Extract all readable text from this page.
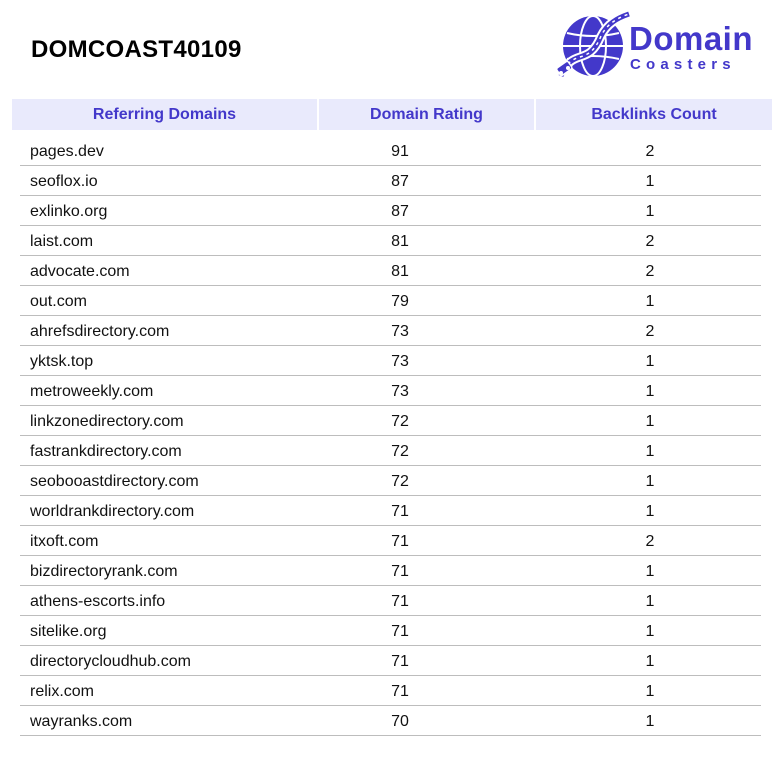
DOMCOAST40109	Domain
Coasters
Referring Domains	Domain Rating	Backlinks Count
pages.dev	91	2
seoflox.io	87	1
exlinko.org	87	1
laist.com	81	2
advocate.com	81	2
out.com	79	1
ahrefsdirectory.com	73	2
yktsk.top	73	1
metroweekly.com	73	1
linkzonedirectory.com	72	1
fastrankdirectory.com	72	1
seobooastdirectory.com	72	1
worldrankdirectory.com	71	1
itxoft.com	71	2
bizdirectoryrank.com	71	1
athens-escorts.info	71	1
sitelike.org	71	1
directorycloudhub.com	71	1
relix.com	71	1
wayranks.com	70	1
